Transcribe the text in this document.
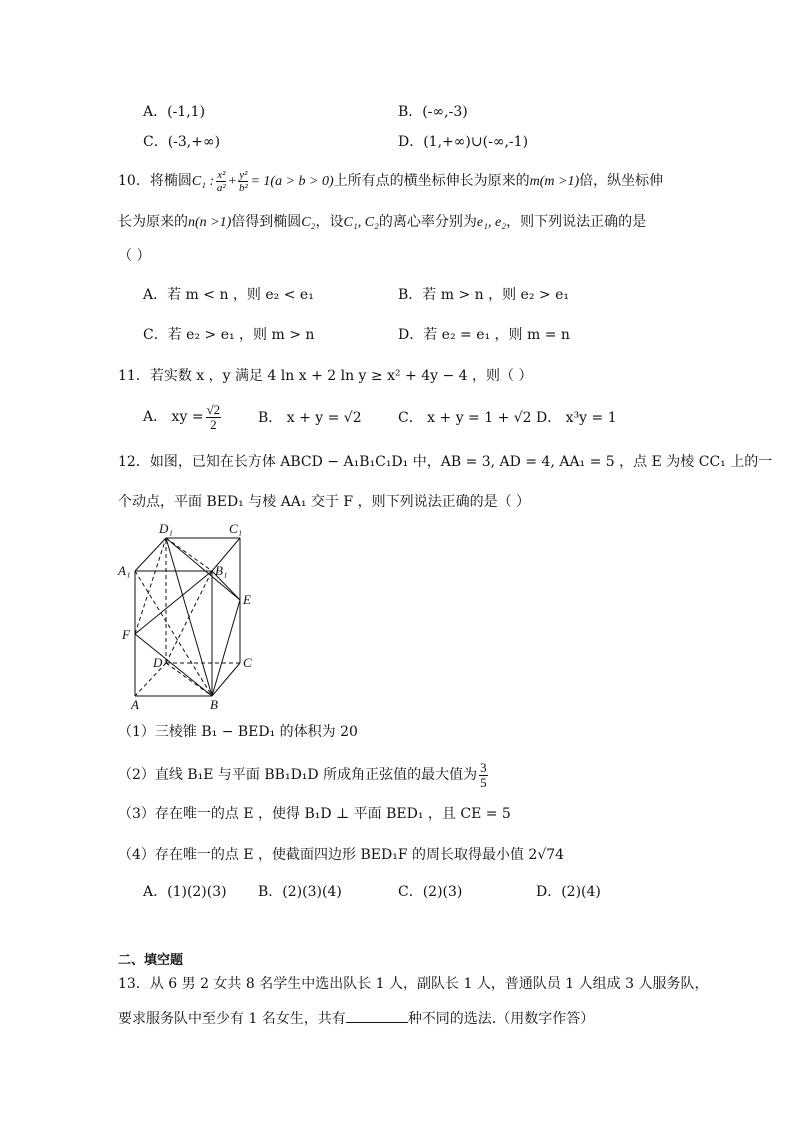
A．(-1,1)	B．(-∞,-3)
C．(-3,+∞)	D．(1,+∞)∪(-∞,-1)
10．将椭圆C₁ : $\frac{\text{x²}}{\text{a²}} + \frac{\text{y²}}{\text{b²}} = 1(a > b > 0)$上所有点的横坐标伸长为原来的m(m >1)倍，纵坐标伸
长为原来的n(n >1)倍得到椭圆C₂，设C₁, C₂的离心率分别为e₁, e₂，则下列说法正确的是
（ ）
A．若 m < n ，则 e₂ < e₁	B．若 m > n ，则 e₂ > e₁
C．若 e₂ > e₁ ，则 m > n	D．若 e₂ = e₁ ，则 m = n
11．若实数 x ，y 满足 4 ln x + 2 ln y ≥ x² + 4y − 4 ，则（ ）
A． xy = $\frac{√2}{2}$	B． x + y = √2	C． x + y = 1 + √2 D． x³y = 1
12．如图，已知在长方体 ABCD − A₁B₁C₁D₁ 中，AB = 3, AD = 4, AA₁ = 5 ，点 E 为棱 CC₁ 上的一
个动点，平面 BED₁ 与棱 AA₁ 交于 F ，则下列说法正确的是（ ）
D₁	C₁
A₁	B₁
E
F
D	C
A	B
（1）三棱锥 B₁ − BED₁ 的体积为 20
（2）直线 B₁E 与平面 BB₁D₁D 所成角正弦值的最大值为 $\frac{3}{5}$
（3）存在唯一的点 E ，使得 B₁D ⊥ 平面 BED₁ ，且 CE = 5
（4）存在唯一的点 E ，使截面四边形 BED₁F 的周长取得最小值 2√74
A．(1)(2)(3) B．(2)(3)(4)	C．(2)(3)	D．(2)(4)
二、填空题
13．从 6 男 2 女共 8 名学生中选出队长 1 人，副队长 1 人，普通队员 1 人组成 3 人服务队，
要求服务队中至少有 1 名女生，共有	种不同的选法.（用数字作答）
